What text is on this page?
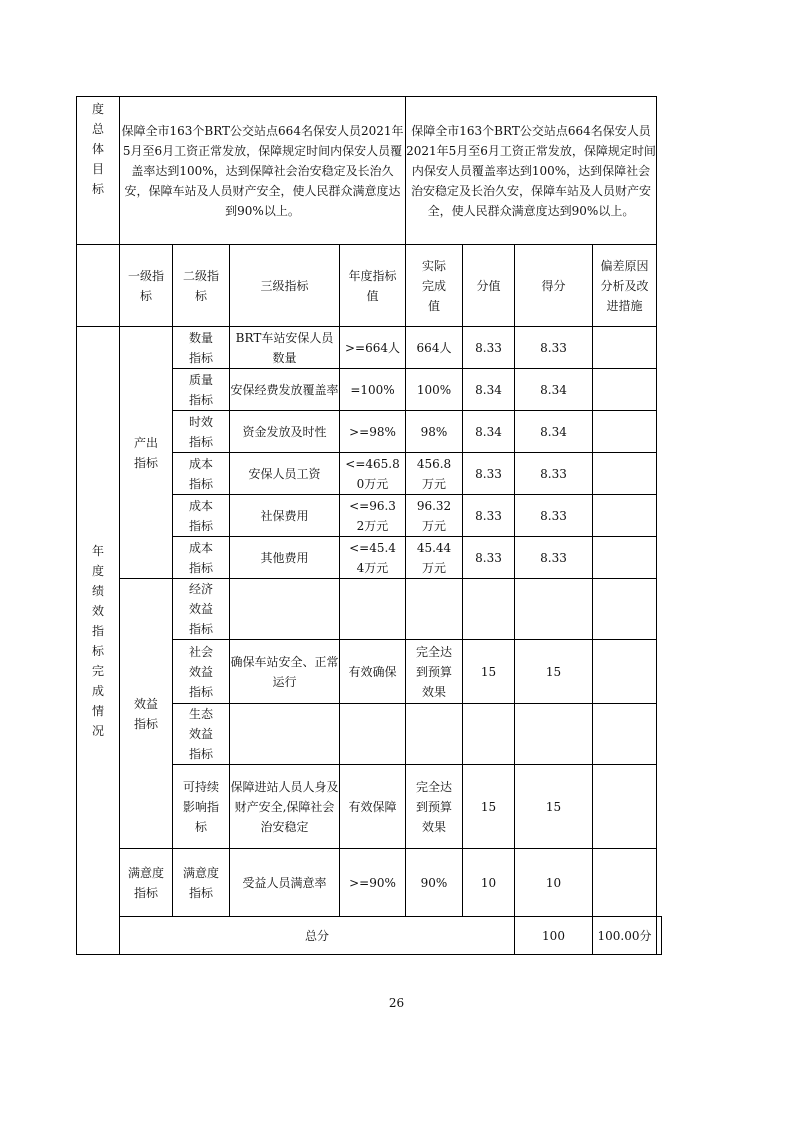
度总体目标	保障全市163个BRT公交站点664名保安人员2021年5月至6月工资正常发放，保障规定时间内保安人员覆盖率达到100%，达到保障社会治安稳定及长治久安，保障车站及人员财产安全，使人民群众满意度达到90%以上。				保障全市163个BRT公交站点664名保安人员2021年5月至6月工资正常发放，保障规定时间内保安人员覆盖率达到100%，达到保障社会治安稳定及长治久安，保障车站及人员财产安全，使人民群众满意度达到90%以上。				
	一级指标	二级指标	三级指标	年度指标值	实际完成值	分值	得分	偏差原因分析及改进措施	
年度绩效指标完成情况	产出指标	数量指标	BRT车站安保人员数量	>=664人	664人	8.33	8.33		
		质量指标	安保经费发放覆盖率	=100%	100%	8.34	8.34		
		时效指标	资金发放及时性	>=98%	98%	8.34	8.34		
		成本指标	安保人员工资	<=465.80万元	456.8万元	8.33	8.33		
		成本指标	社保费用	<=96.32万元	96.32万元	8.33	8.33		
		成本指标	其他费用	<=45.44万元	45.44万元	8.33	8.33		
	效益指标	经济效益指标							
		社会效益指标	确保车站安全、正常运行	有效确保	完全达到预算效果	15	15		
		生态效益指标							
		可持续影响指标	保障进站人员人身及财产安全,保障社会治安稳定	有效保障	完全达到预算效果	15	15		
	满意度指标	满意度指标	受益人员满意率	>=90%	90%	10	10		
	总分						100	100.00分	
26
